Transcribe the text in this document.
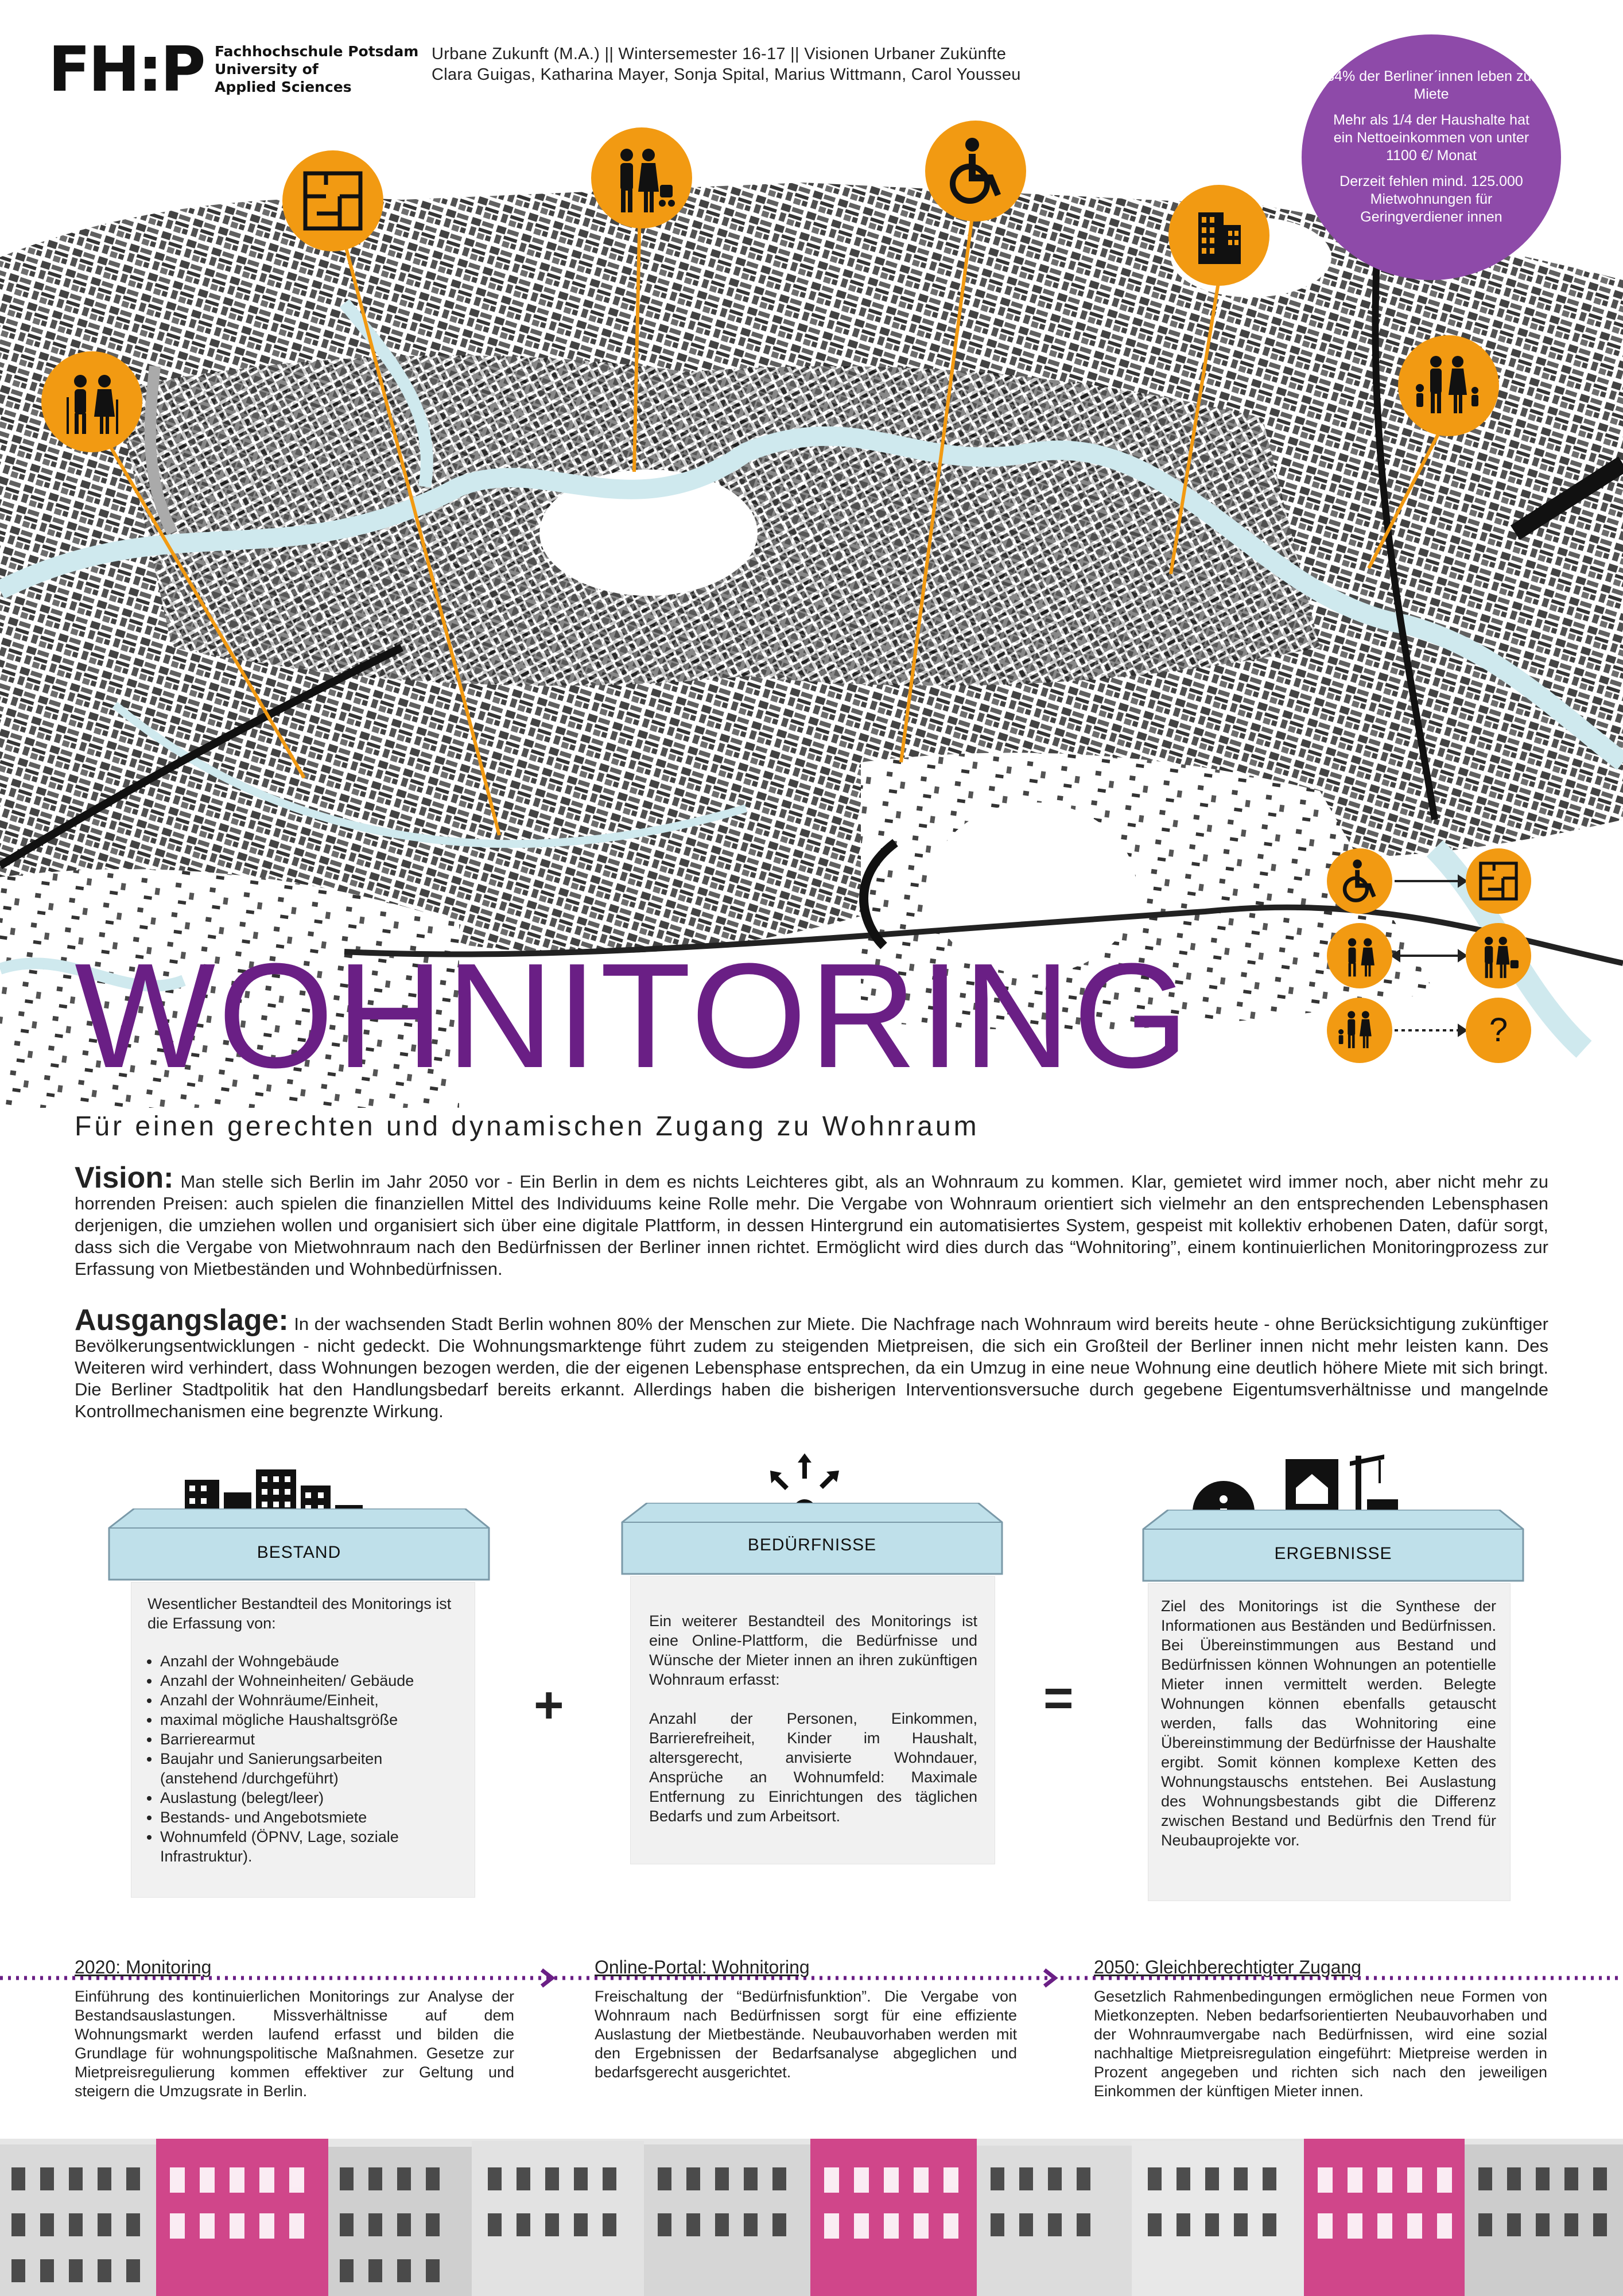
FH:P Fachhochschule Potsdam
University of
Applied Sciences
Urbane Zukunft (M.A.) || Wintersemester 16-17 || Visionen Urbaner Zukünfte
Clara Guigas, Katharina Mayer, Sonja Spital, Marius Wittmann, Carol Yousseu	84% der Berlinerˊinnen leben zur Miete

Mehr als 1/4 der Haushalte hat ein Nettoeinkommen von unter 1100 €/ Monat

Derzeit fehlen mind. 125.000 Mietwohnungen für Geringverdiener innen

?
WOHNITORING
Für einen gerechten und dynamischen Zugang zu Wohnraum
Vision: Man stelle sich Berlin im Jahr 2050 vor - Ein Berlin in dem es nichts Leichteres gibt, als an Wohnraum zu kommen. Klar, gemietet wird immer noch, aber nicht mehr zu horrenden Preisen: auch spielen die finanziellen Mittel des Individuums keine Rolle mehr. Die Vergabe von Wohnraum orientiert sich vielmehr an den entsprechenden Lebensphasen derjenigen, die umziehen wollen und organisiert sich über eine digitale Plattform, in dessen Hintergrund ein automatisiertes System, gespeist mit kollektiv erhobenen Daten, dafür sorgt, dass sich die Vergabe von Mietwohnraum nach den Bedürfnissen der Berliner innen richtet. Ermöglicht wird dies durch das “Wohnitoring”, einem kontinuierlichen Monitoringprozess zur Erfassung von Mietbeständen und Wohnbedürfnissen.
Ausgangslage: In der wachsenden Stadt Berlin wohnen 80% der Menschen zur Miete. Die Nachfrage nach Wohnraum wird bereits heute - ohne Berücksichtigung zukünftiger Bevölkerungsentwicklungen - nicht gedeckt. Die Wohnungsmarktenge führt zudem zu steigenden Mietpreisen, die sich ein Großteil der Berliner innen nicht mehr leisten kann. Des Weiteren wird verhindert, dass Wohnungen bezogen werden, die der eigenen Lebensphase entsprechen, da ein Umzug in eine neue Wohnung eine deutlich höhere Miete mit sich bringt. Die Berliner Stadtpolitik hat den Handlungsbedarf bereits erkannt. Allerdings haben die bisherigen Interventionsversuche durch gegebene Eigentumsverhältnisse und mangelnde Kontrollmechanismen eine begrenzte Wirkung.
BESTAND
Wesentlicher Bestandteil des Monitorings ist die Erfassung von:
• Anzahl der Wohngebäude
• Anzahl der Wohneinheiten/ Gebäude
• Anzahl der Wohnräume/Einheit,
• maximal mögliche Haushaltsgröße
• Barrierearmut
• Baujahr und Sanierungsarbeiten (anstehend /durchgeführt)
• Auslastung (belegt/leer)
• Bestands- und Angebotsmiete
• Wohnumfeld (ÖPNV, Lage, soziale Infrastruktur).
+
BEDÜRFNISSE
Ein weiterer Bestandteil des Monitorings ist eine Online-Plattform, die Bedürfnisse und Wünsche der Mieter innen an ihren zukünftigen Wohnraum erfasst:
Anzahl der Personen, Einkommen, Barrierefreiheit, Kinder im Haushalt, altersgerecht, anvisierte Wohndauer, Ansprüche an Wohnumfeld: Maximale Entfernung zu Einrichtungen des täglichen Bedarfs und zum Arbeitsort.
=
ERGEBNISSE
Ziel des Monitorings ist die Synthese der Informationen aus Beständen und Bedürfnissen. Bei Übereinstimmungen aus Bestand und Bedürfnissen können Wohnungen an potentielle Mieter innen vermittelt werden. Belegte Wohnungen können ebenfalls getauscht werden, falls das Wohnitoring eine Übereinstimmung der Bedürfnisse der Haushalte ergibt. Somit können komplexe Ketten des Wohnungstauschs entstehen. Bei Auslastung des Wohnungsbestands gibt die Differenz zwischen Bestand und Bedürfnis den Trend für Neubauprojekte vor.
2020: Monitoring
Einführung des kontinuierlichen Monitorings zur Analyse der Bestandsauslastungen. Missverhältnisse auf dem Wohnungsmarkt werden laufend erfasst und bilden die Grundlage für wohnungspolitische Maßnahmen. Gesetze zur Mietpreisregulierung kommen effektiver zur Geltung und steigern die Umzugsrate in Berlin.
Online-Portal: Wohnitoring
Freischaltung der “Bedürfnisfunktion”. Die Vergabe von Wohnraum nach Bedürfnissen sorgt für eine effiziente Auslastung der Mietbestände. Neubauvorhaben werden mit den Ergebnissen der Bedarfsanalyse abgeglichen und bedarfsgerecht ausgerichtet.
2050: Gleichberechtigter Zugang
Gesetzlich Rahmenbedingungen ermöglichen neue Formen von Mietkonzepten. Neben bedarfsorientierten Neubauvorhaben und der Wohnraumvergabe nach Bedürfnissen, wird eine sozial nachhaltige Mietpreisregulation eingeführt: Mietpreise werden in Prozent angegeben und richten sich nach den jeweiligen Einkommen der künftigen Mieter innen.
